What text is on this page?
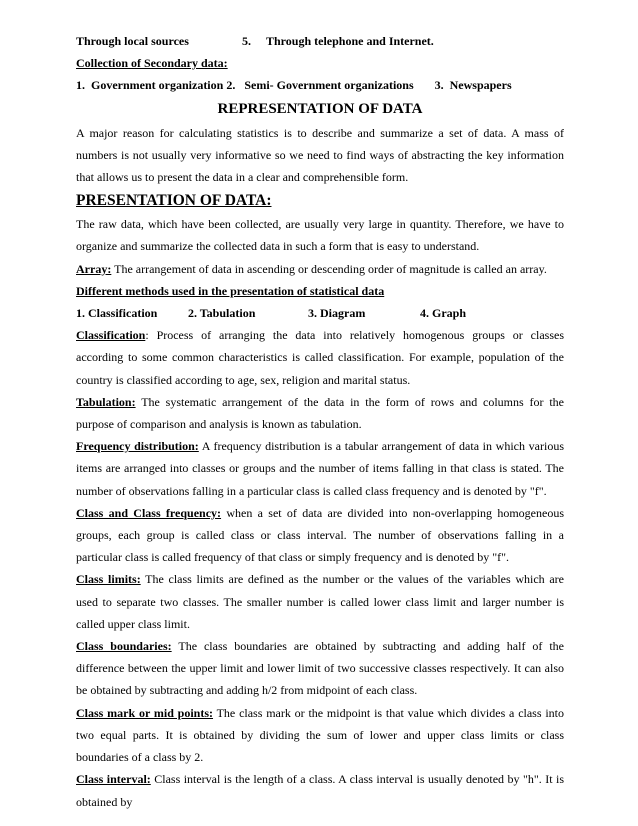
Through local sources	5.	Through telephone and Internet.
Collection of Secondary data:
1.  Government organization 2.   Semi- Government organizations       3.  Newspapers
REPRESENTATION OF DATA
A major reason for calculating statistics is to describe and summarize a set of data. A mass of
numbers is not usually very informative so we need to find ways of abstracting the key information
that allows us to present the data in a clear and comprehensible form.
PRESENTATION OF DATA:
The raw data, which have been collected, are usually very large in quantity. Therefore, we have to
organize and summarize the collected data in such a form that is easy to understand.
Array: The arrangement of data in ascending or descending order of magnitude is called an array.
Different methods used in the presentation of statistical data
1. Classification	2. Tabulation	3. Diagram	4. Graph
Classification: Process of arranging the data into relatively homogenous groups or classes
according to some common characteristics is called classification. For example, population of the
country is classified according to age, sex, religion and marital status.
Tabulation: The systematic arrangement of the data in the form of rows and columns for the
purpose of comparison and analysis is known as tabulation.
Frequency distribution: A frequency distribution is a tabular arrangement of data in which various
items are arranged into classes or groups and the number of items falling in that class is stated. The
number of observations falling in a particular class is called class frequency and is denoted by "f".
Class and Class frequency: when a set of data are divided into non-overlapping homogeneous
groups, each group is called class or class interval. The number of observations falling in a
particular class is called frequency of that class or simply frequency and is denoted by "f".
Class limits: The class limits are defined as the number or the values of the variables which are
used to separate two classes. The smaller number is called lower class limit and larger number is
called upper class limit.
Class boundaries: The class boundaries are obtained by subtracting and adding half of the
difference between the upper limit and lower limit of two successive classes respectively. It can also
be obtained by subtracting and adding h/2 from midpoint of each class.
Class mark or mid points: The class mark or the midpoint is that value which divides a class into
two equal parts. It is obtained by dividing the sum of lower and upper class limits or class
boundaries of a class by 2.
Class interval: Class interval is the length of a class. A class interval is usually denoted by "h". It is
obtained by
